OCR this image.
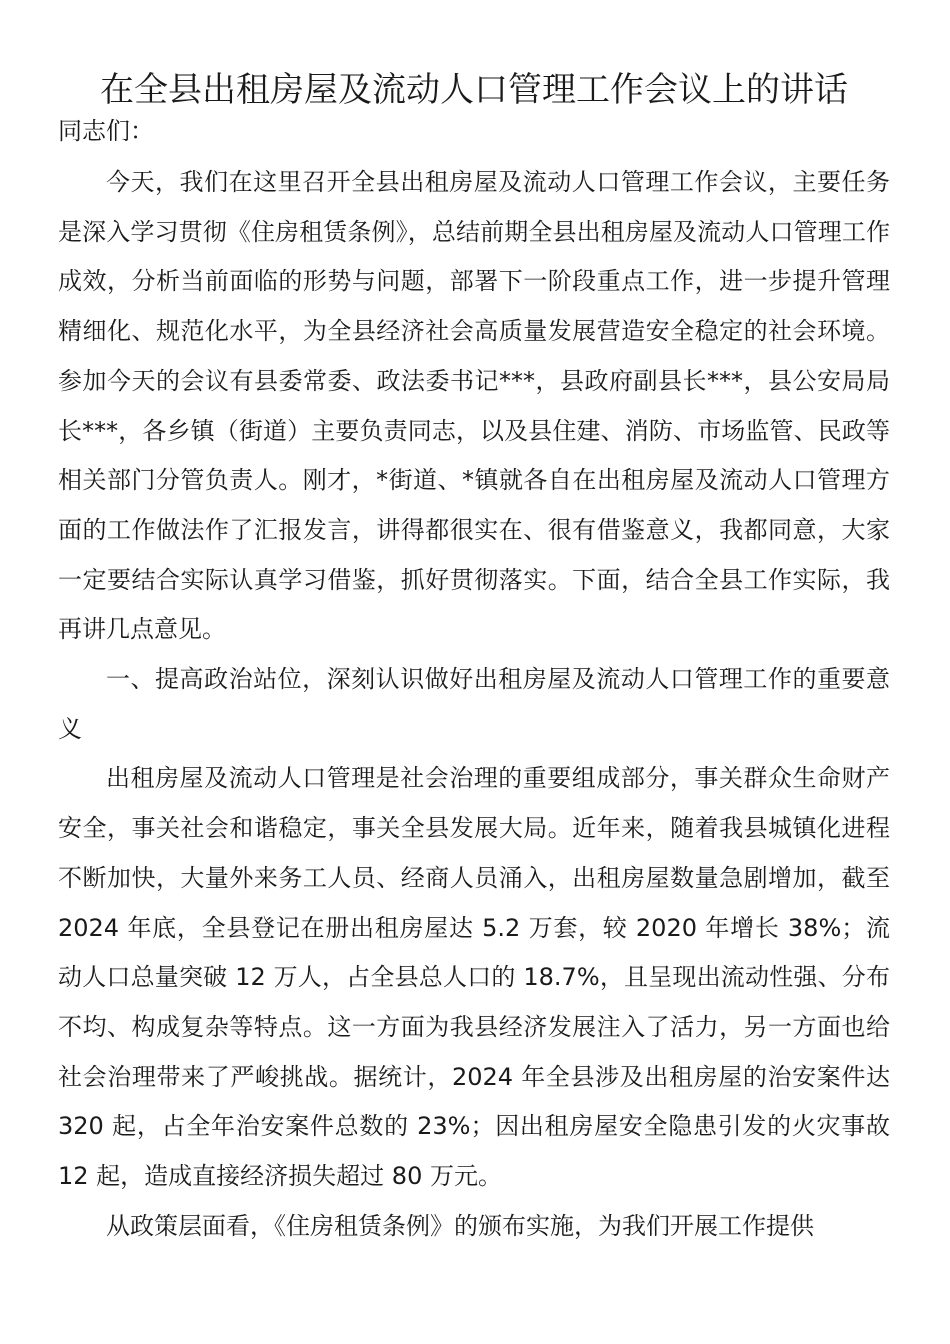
在全县出租房屋及流动人口管理工作会议上的讲话

同志们：

今天，我们在这里召开全县出租房屋及流动人口管理工作会议，主要任务是深入学习贯彻《住房租赁条例》，总结前期全县出租房屋及流动人口管理工作成效，分析当前面临的形势与问题，部署下一阶段重点工作，进一步提升管理精细化、规范化水平，为全县经济社会高质量发展营造安全稳定的社会环境。参加今天的会议有县委常委、政法委书记***，县政府副县长***，县公安局局长***，各乡镇（街道）主要负责同志，以及县住建、消防、市场监管、民政等相关部门分管负责人。刚才，*街道、*镇就各自在出租房屋及流动人口管理方面的工作做法作了汇报发言，讲得都很实在、很有借鉴意义，我都同意，大家一定要结合实际认真学习借鉴，抓好贯彻落实。下面，结合全县工作实际，我再讲几点意见。

一、提高政治站位，深刻认识做好出租房屋及流动人口管理工作的重要意义

出租房屋及流动人口管理是社会治理的重要组成部分，事关群众生命财产安全，事关社会和谐稳定，事关全县发展大局。近年来，随着我县城镇化进程不断加快，大量外来务工人员、经商人员涌入，出租房屋数量急剧增加，截至 2024 年底，全县登记在册出租房屋达 5.2 万套，较 2020 年增长 38%；流动人口总量突破 12 万人，占全县总人口的 18.7%，且呈现出流动性强、分布不均、构成复杂等特点。这一方面为我县经济发展注入了活力，另一方面也给社会治理带来了严峻挑战。据统计，2024 年全县涉及出租房屋的治安案件达 320 起，占全年治安案件总数的 23%；因出租房屋安全隐患引发的火灾事故 12 起，造成直接经济损失超过 80 万元。

从政策层面看，《住房租赁条例》的颁布实施，为我们开展工作提供
